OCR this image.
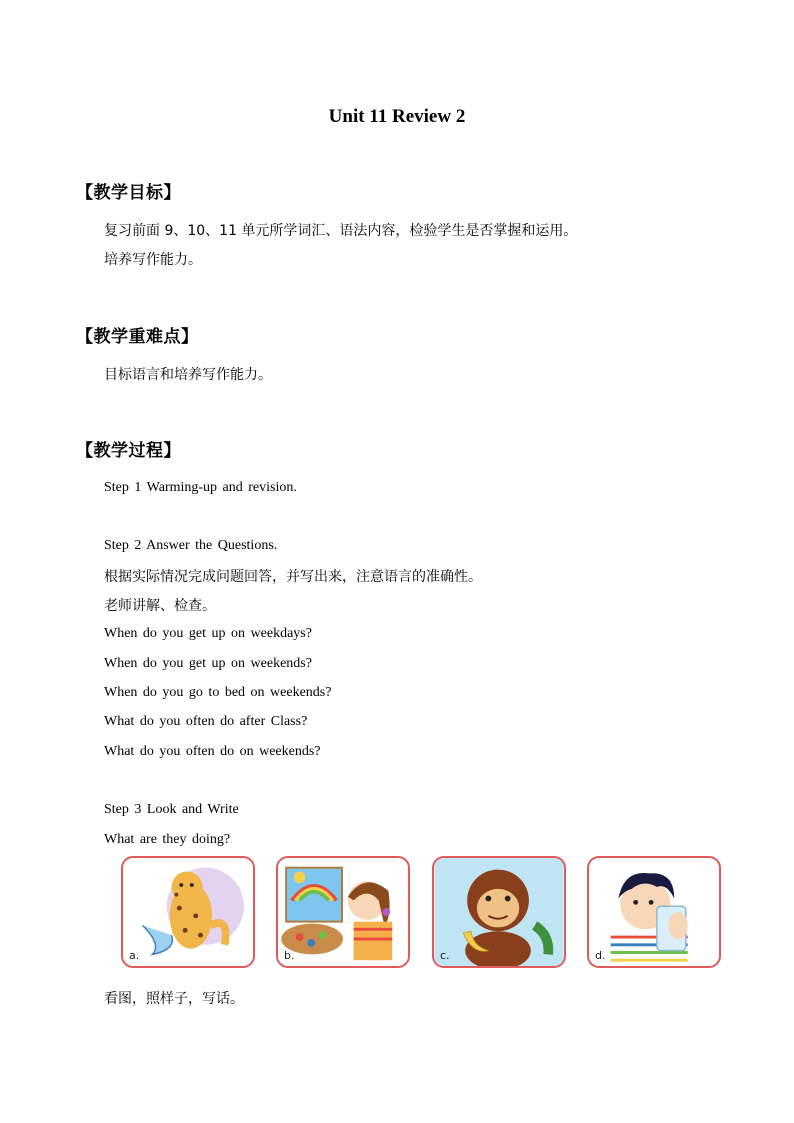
Unit 11 Review 2
【教学目标】
复习前面 9、10、11 单元所学词汇、语法内容，检验学生是否掌握和运用。
培养写作能力。
【教学重难点】
目标语言和培养写作能力。
【教学过程】
Step 1 Warming-up and revision.
Step 2 Answer the Questions.
根据实际情况完成问题回答，并写出来，注意语言的准确性。
老师讲解、检查。
When do you get up on weekdays?
When do you get up on weekends?
When do you go to bed on weekends?
What do you often do after Class?
What do you often do on weekends?
Step 3 Look and Write
What are they doing?
a.	b.	c.	d.
看图，照样子，写话。
